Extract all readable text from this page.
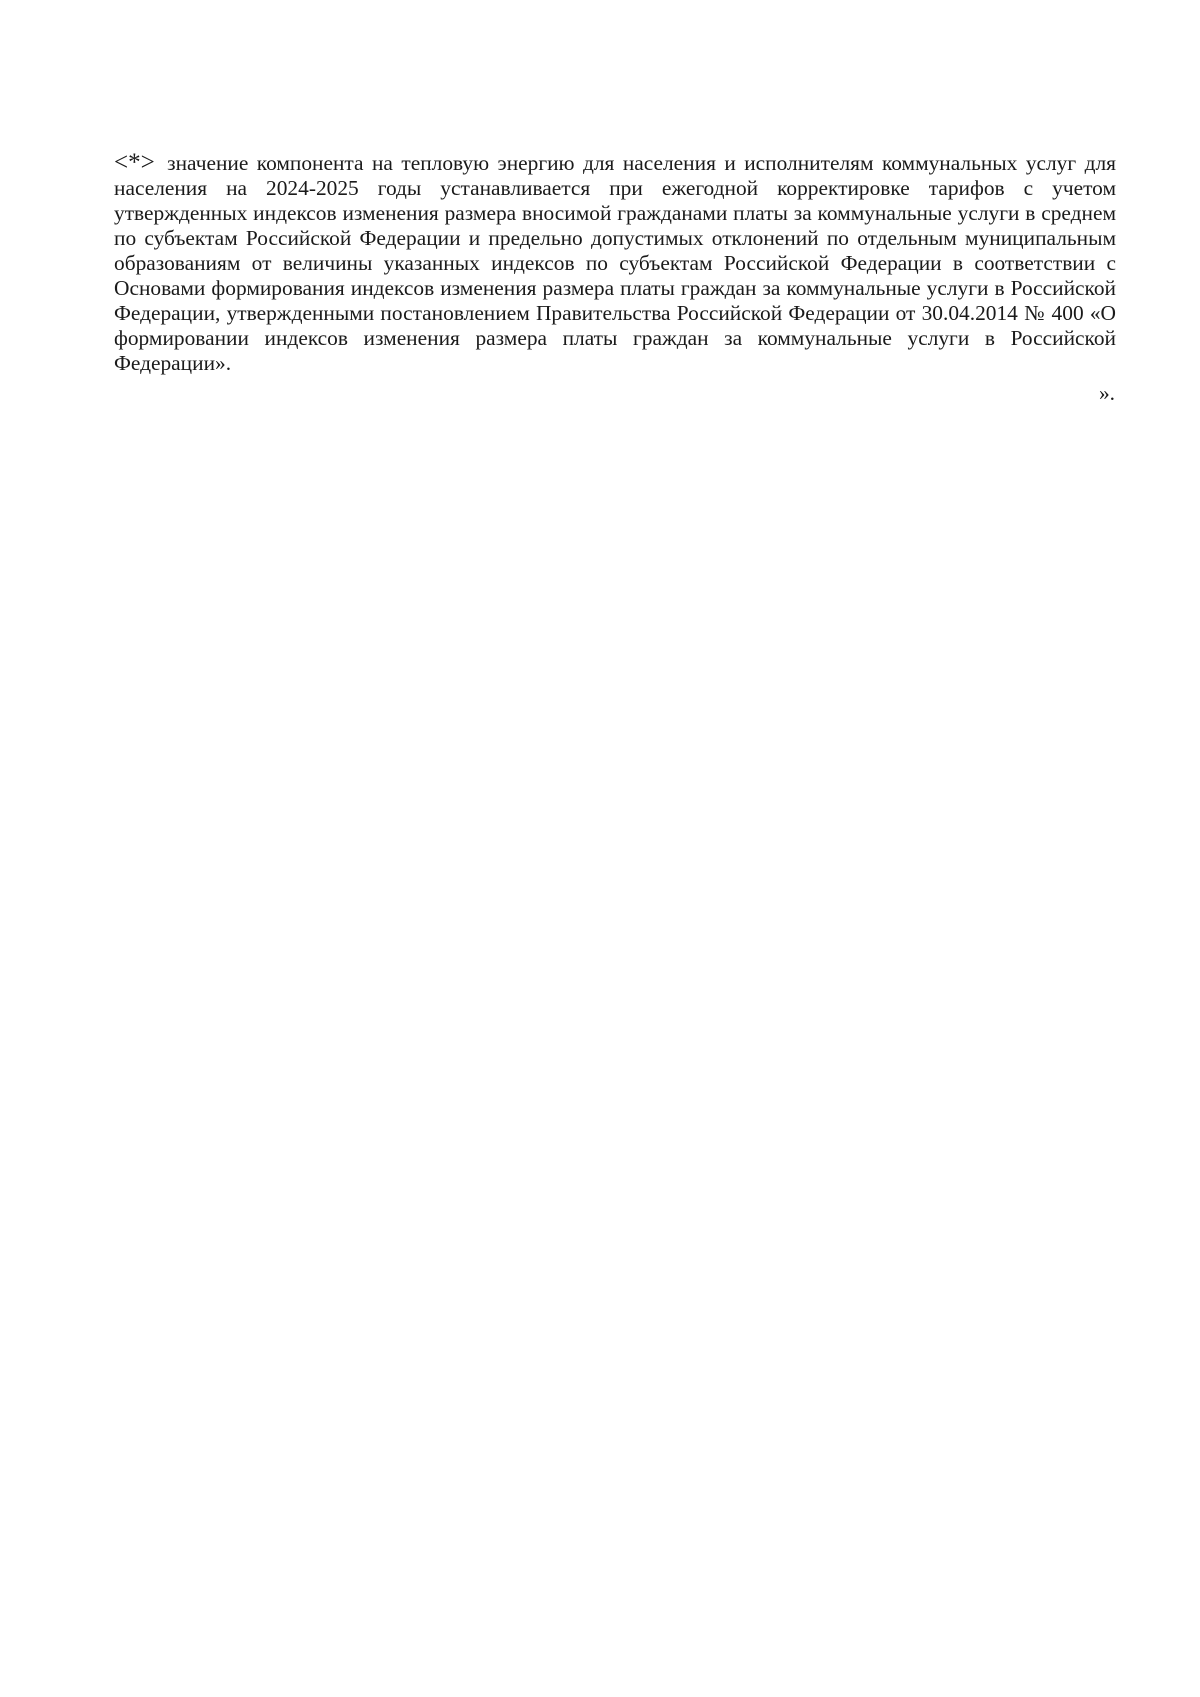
<*> значение компонента на тепловую энергию для населения и исполнителям коммунальных услуг для населения на 2024-2025 годы устанавливается при ежегодной корректировке тарифов с учетом утвержденных индексов изменения размера вносимой гражданами платы за коммунальные услуги в среднем по субъектам Российской Федерации и предельно допустимых отклонений по отдельным муниципальным образованиям от величины указанных индексов по субъектам Российской Федерации в соответствии с Основами формирования индексов изменения размера платы граждан за коммунальные услуги в Российской Федерации, утвержденными постановлением Правительства Российской Федерации от 30.04.2014 № 400 «О формировании индексов изменения размера платы граждан за коммунальные услуги в Российской Федерации».

».
